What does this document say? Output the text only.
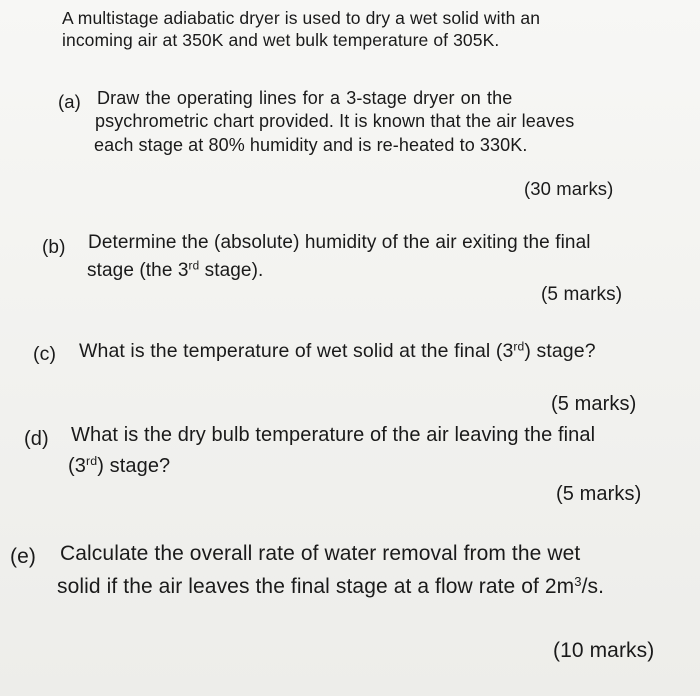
A multistage adiabatic dryer is used to dry a wet solid with an
incoming air at 350K and wet bulk temperature of 305K.
(a) Draw the operating lines for a 3-stage dryer on the
psychrometric chart provided. It is known that the air leaves
each stage at 80% humidity and is re-heated to 330K.
(30 marks)
(b) Determine the (absolute) humidity of the air exiting the final
stage (the 3rd stage).
(5 marks)
(c) What is the temperature of wet solid at the final (3rd) stage?
(5 marks)
(d) What is the dry bulb temperature of the air leaving the final
(3rd) stage?
(5 marks)
(e) Calculate the overall rate of water removal from the wet
solid if the air leaves the final stage at a flow rate of $2m^3/s$.
(10 marks)
